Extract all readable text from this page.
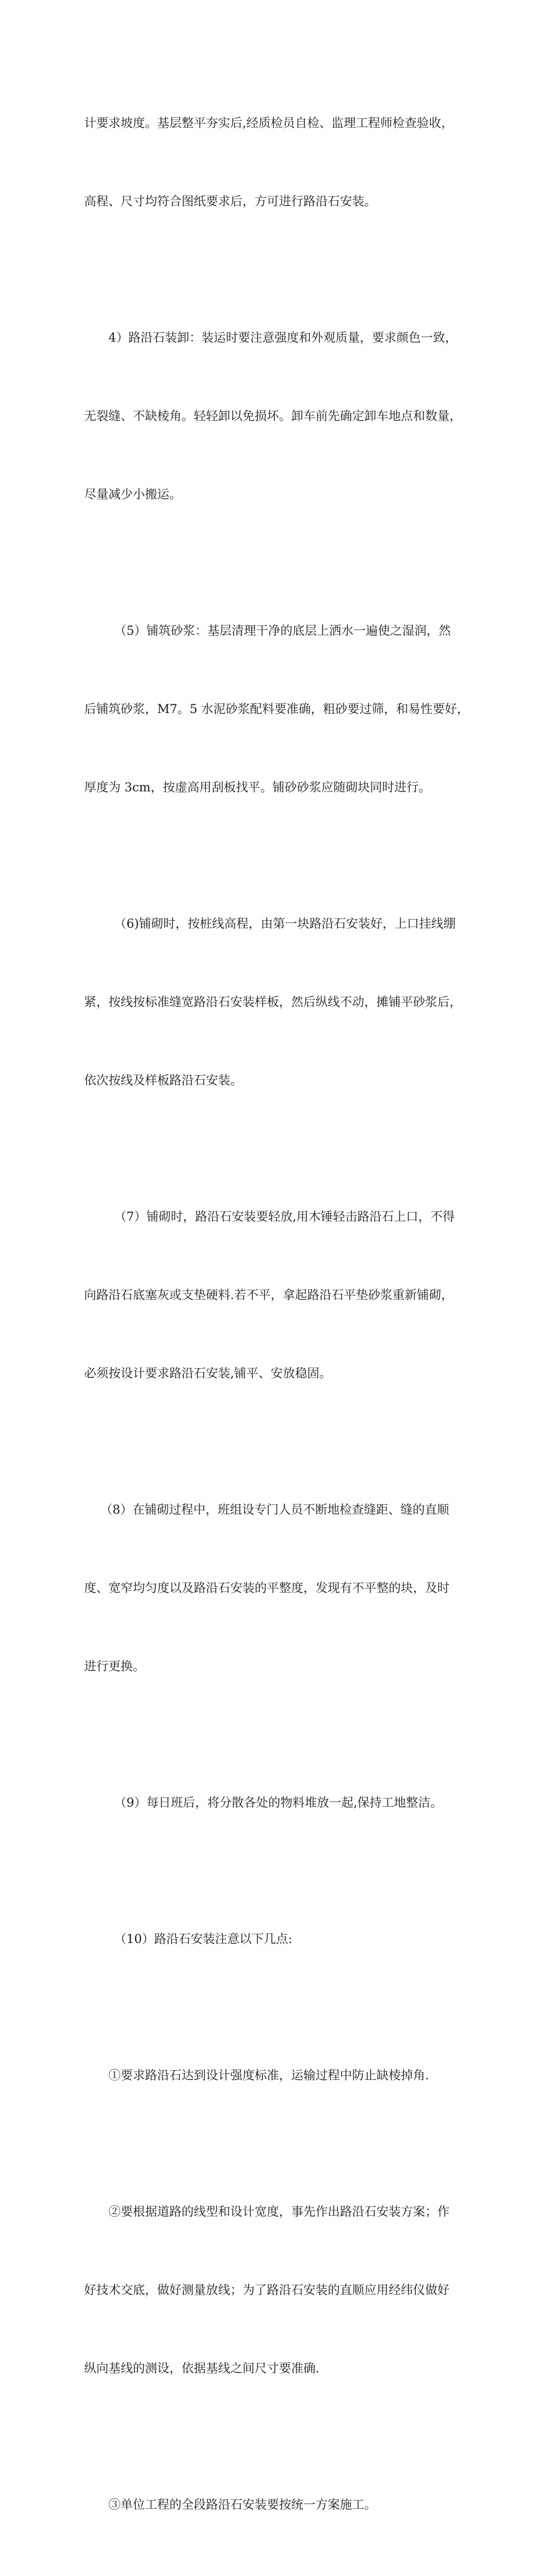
计要求坡度。基层整平夯实后,经质检员自检、监理工程师检查验收，

高程、尺寸均符合图纸要求后，方可进行路沿石安装。

4）路沿石装卸：装运时要注意强度和外观质量，要求颜色一致，

无裂缝、不缺棱角。轻轻卸以免损坏。卸车前先确定卸车地点和数量，

尽量减少小搬运。

（5）铺筑砂浆：基层清理干净的底层上洒水一遍使之湿润，然

后铺筑砂浆，M7。5 水泥砂浆配料要准确，粗砂要过筛，和易性要好，

厚度为 3cm，按虚高用刮板找平。铺砂砂浆应随砌块同时进行。

（6)铺砌时，按桩线高程，由第一块路沿石安装好，上口挂线绷

紧，按线按标准缝宽路沿石安装样板，然后纵线不动，摊铺平砂浆后，

依次按线及样板路沿石安装。

（7）铺砌时，路沿石安装要轻放,用木锤轻击路沿石上口，不得

向路沿石底塞灰或支垫硬料.若不平，拿起路沿石平垫砂浆重新铺砌，

必须按设计要求路沿石安装,铺平、安放稳固。

（8）在铺砌过程中，班组设专门人员不断地检查缝距、缝的直顺

度、宽窄均匀度以及路沿石安装的平整度，发现有不平整的块，及时

进行更换。

（9）每日班后，将分散各处的物料堆放一起,保持工地整洁。

（10）路沿石安装注意以下几点:

①要求路沿石达到设计强度标准，运输过程中防止缺棱掉角.

②要根据道路的线型和设计宽度，事先作出路沿石安装方案；作

好技术交底，做好测量放线；为了路沿石安装的直顺应用经纬仪做好

纵向基线的测设，依据基线之间尺寸要准确.

③单位工程的全段路沿石安装要按统一方案施工。
